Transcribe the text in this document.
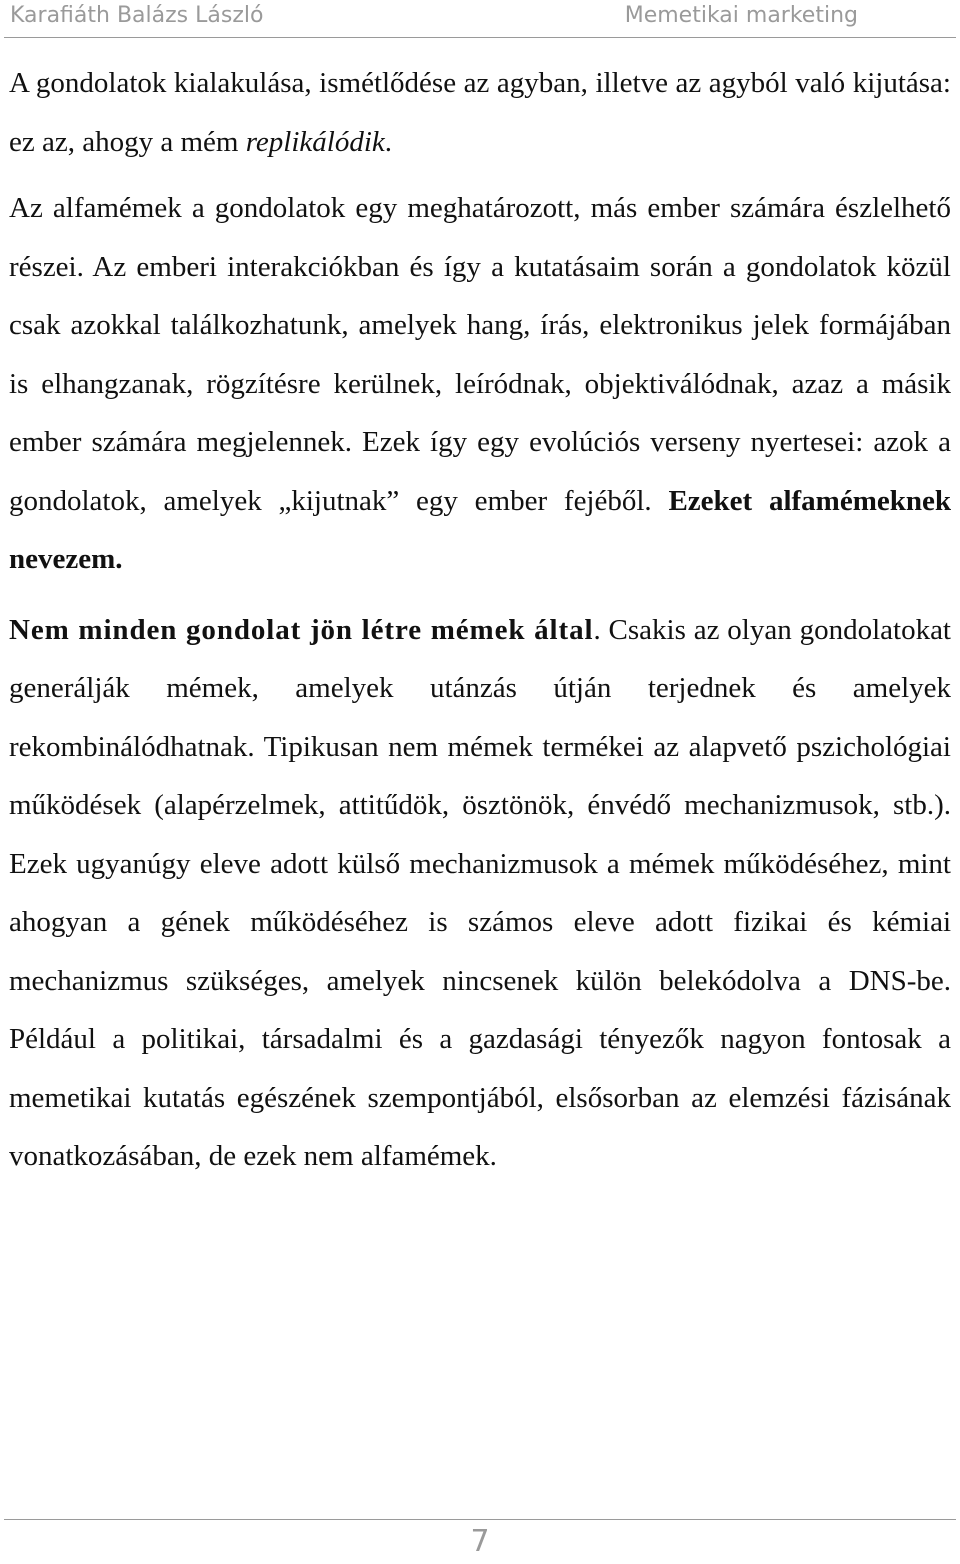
Karafiáth Balázs László	Memetikai marketing

A gondolatok kialakulása, ismétlődése az agyban, illetve az agyból való kijutása: ez az, ahogy a mém replikálódik.

Az alfamémek a gondolatok egy meghatározott, más ember számára észlelhető részei. Az emberi interakciókban és így a kutatásaim során a gondolatok közül csak azokkal találkozhatunk, amelyek hang, írás, elektronikus jelek formájában is elhangzanak, rögzítésre kerülnek, leíródnak, objektiválódnak, azaz a másik ember számára megjelennek. Ezek így egy evolúciós verseny nyertesei: azok a gondolatok, amelyek „kijutnak” egy ember fejéből. Ezeket alfamémeknek nevezem.

Nem minden gondolat jön létre mémek által. Csakis az olyan gondolatokat generálják mémek, amelyek utánzás útján terjednek és amelyek rekombinálódhatnak. Tipikusan nem mémek termékei az alapvető pszichológiai működések (alapérzelmek, attitűdök, ösztönök, énvédő mechanizmusok, stb.). Ezek ugyanúgy eleve adott külső mechanizmusok a mémek működéséhez, mint ahogyan a gének működéséhez is számos eleve adott fizikai és kémiai mechanizmus szükséges, amelyek nincsenek külön belekódolva a DNS-be. Például a politikai, társadalmi és a gazdasági tényezők nagyon fontosak a memetikai kutatás egészének szempontjából, elsősorban az elemzési fázisának vonatkozásában, de ezek nem alfamémek.

7
